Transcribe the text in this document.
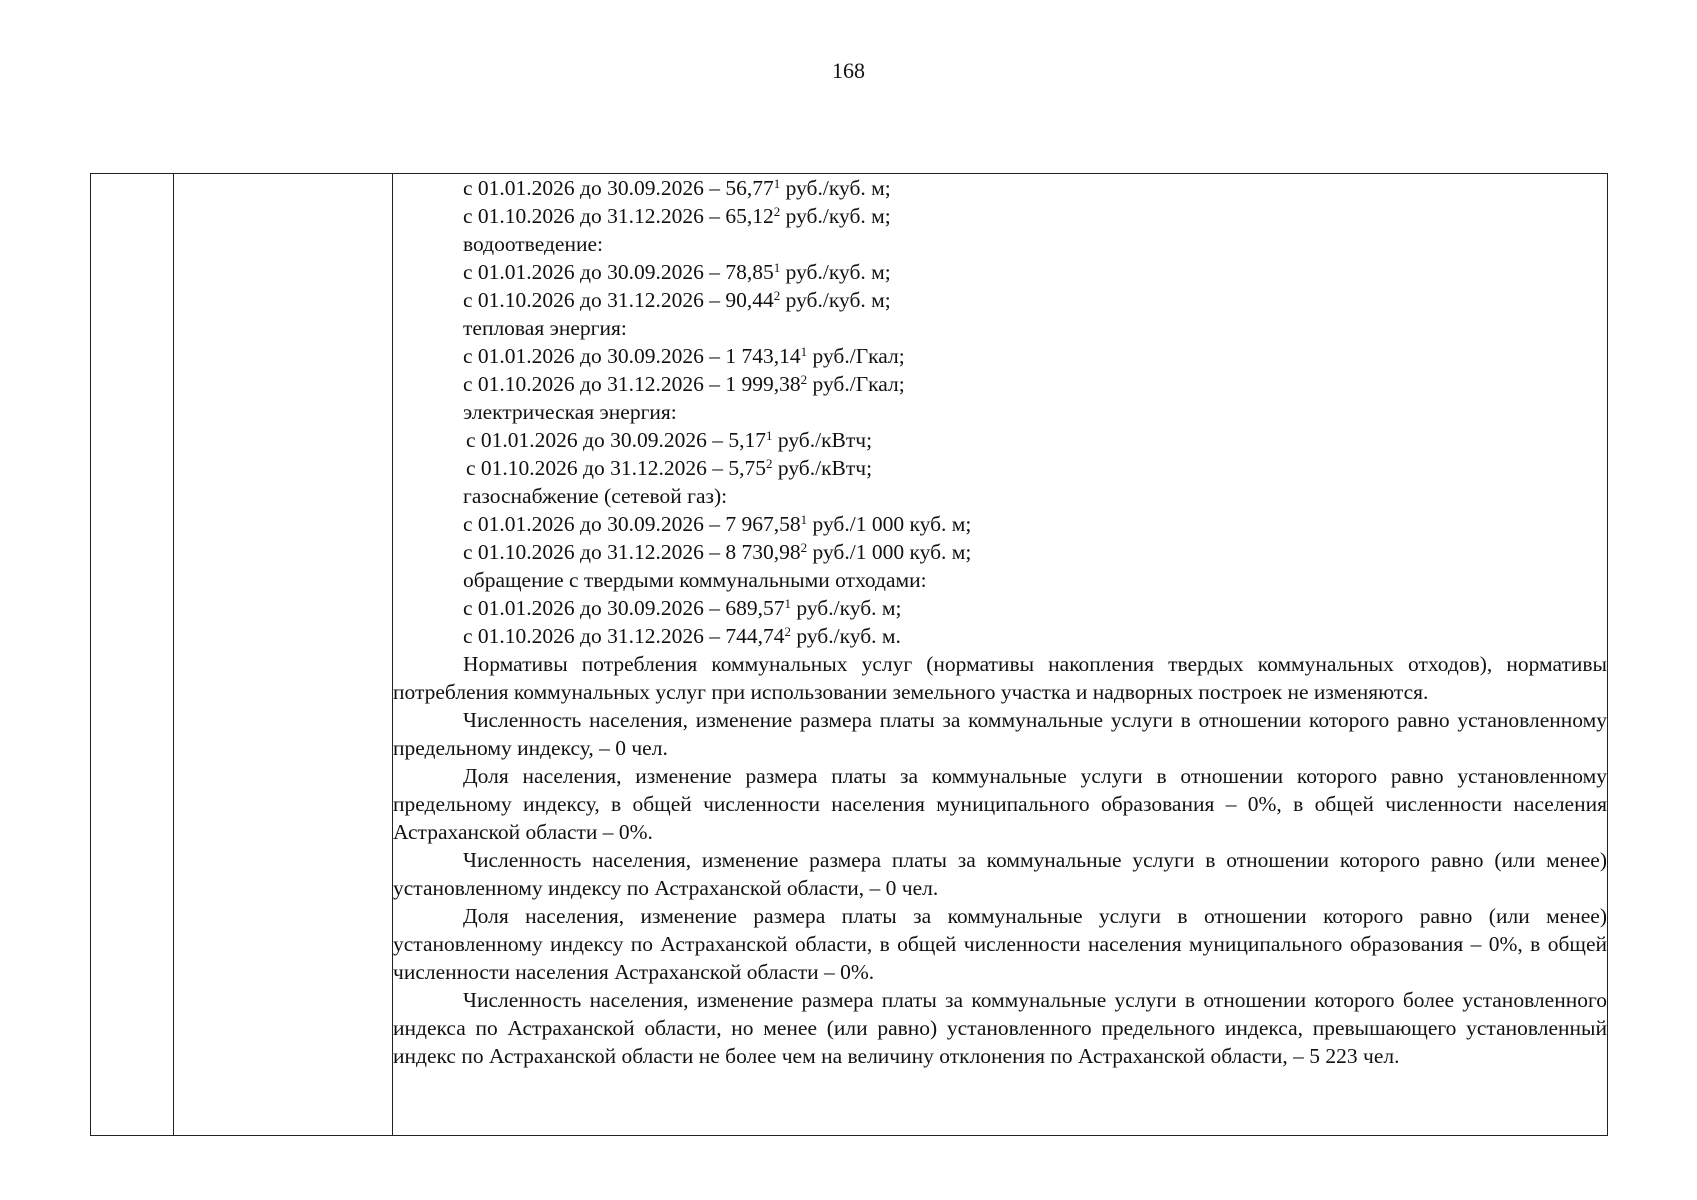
168

с 01.01.2026 до 30.09.2026 – 56,77$^1$ руб./куб. м;
с 01.10.2026 до 31.12.2026 – 65,12$^2$ руб./куб. м;
водоотведение:
с 01.01.2026 до 30.09.2026 – 78,85$^1$ руб./куб. м;
с 01.10.2026 до 31.12.2026 – 90,44$^2$ руб./куб. м;
тепловая энергия:
с 01.01.2026 до 30.09.2026 – 1 743,14$^1$ руб./Гкал;
с 01.10.2026 до 31.12.2026 – 1 999,38$^2$ руб./Гкал;
электрическая энергия:
с 01.01.2026 до 30.09.2026 – 5,17$^1$ руб./кВтч;
с 01.10.2026 до 31.12.2026 – 5,75$^2$ руб./кВтч;
газоснабжение (сетевой газ):
с 01.01.2026 до 30.09.2026 – 7 967,58$^1$ руб./1 000 куб. м;
с 01.10.2026 до 31.12.2026 – 8 730,98$^2$ руб./1 000 куб. м;
обращение с твердыми коммунальными отходами:
с 01.01.2026 до 30.09.2026 – 689,57$^1$ руб./куб. м;
с 01.10.2026 до 31.12.2026 – 744,74$^2$ руб./куб. м.

Нормативы потребления коммунальных услуг (нормативы накопления твердых коммунальных отходов), нормативы потребления коммунальных услуг при использовании земельного участка и надворных построек не изменяются.

Численность населения, изменение размера платы за коммунальные услуги в отношении которого равно установленному предельному индексу, – 0 чел.

Доля населения, изменение размера платы за коммунальные услуги в отношении которого равно установленному предельному индексу, в общей численности населения муниципального образования – 0%, в общей численности населения Астраханской области – 0%.

Численность населения, изменение размера платы за коммунальные услуги в отношении которого равно (или менее) установленному индексу по Астраханской области, – 0 чел.

Доля населения, изменение размера платы за коммунальные услуги в отношении которого равно (или менее) установленному индексу по Астраханской области, в общей численности населения муниципального образования – 0%, в общей численности населения Астраханской области – 0%.

Численность населения, изменение размера платы за коммунальные услуги в отношении которого более установленного индекса по Астраханской области, но менее (или равно) установленного предельного индекса, превышающего установленный индекс по Астраханской области не более чем на величину отклонения по Астраханской области, – 5 223 чел.
